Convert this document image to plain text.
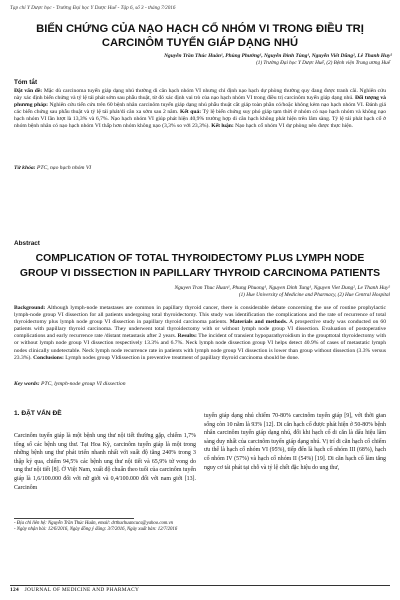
Tạp chí Y Dược học - Trường Đại học Y Dược Huế - Tập 6, số 3 - tháng 7/2016
BIẾN CHỨNG CỦA NẠO HẠCH CỔ NHÓM VI TRONG ĐIỀU TRỊ
CARCINÔM TUYẾN GIÁP DẠNG NHÚ
Nguyễn Trần Thúc Huân¹, Phùng Phướng¹, Nguyễn Đình Tùng¹, Nguyễn Viết Dũng², Lê Thanh Huy²
(1) Trường Đại học Y Dược Huế, (2) Bệnh viện Trung ương Huế
Tóm tắt
Đặt vấn đề: Mặc dù carcinoma tuyến giáp dạng nhú thường di căn hạch nhóm VI nhưng chỉ định nạo hạch dự phòng thường quy đang được tranh cãi. Nghiên cứu này xác định biến chứng và tỷ lệ tái phát sớm sau phẫu thuật, từ đó xác định vai trò của nạo hạch nhóm VI trong điều trị carcinôm tuyến giáp dạng nhú. Đối tượng và phương pháp: Nghiên cứu tiến cứu trên 60 bệnh nhân carcinôm tuyến giáp dạng nhú phẫu thuật cắt giáp toàn phần có/hoặc không kèm nạo hạch nhóm VI. Đánh giá các biến chứng sau phẫu thuật và tỷ lệ tái phát/di căn xa sớm sau 2 năm. Kết quả: Tỷ lệ biến chứng suy phó giáp tạm thời ở nhóm có nạo hạch nhóm và không nạo hạch nhóm VI lần lượt là 13,3% và 6,7%. Nạo hạch nhóm VI giúp phát hiện 40,9% trường hợp di căn hạch không phát hiện trên lâm sàng. Tỷ lệ tái phát hạch cổ ở nhóm bệnh nhân có nạo hạch nhóm VI thấp hơn nhóm không nạo (3,3% so với 23,3%). Kết luận: Nạo hạch cổ nhóm VI dự phòng nên được thực hiện.
Từ khóa: PTC, nạo hạch nhóm VI
Abstract
COMPLICATION OF TOTAL THYROIDECTOMY PLUS LYMPH NODE
GROUP VI DISSECTION IN PAPILLARY THYROID CARCINOMA PATIENTS
Nguyen Tran Thuc Huan¹, Phung Phuong¹, Nguyen Dinh Tung¹, Nguyen Viet Dung², Le Thanh Huy²
(1) Hue University of Medicine and Pharmacy, (2) Hue Central Hospital
Background: Although lymph-node metastases are common in papillary thyroid cancer, there is considerable debate concerning the use of routine prophylactic lymph-node group VI dissection for all patients undergoing total thyroidectomy. This study was identification the complications and the rate of recurrence of total thyroidectomy plus lymph node group VI dissection in papillary thyroid carcinoma patients. Materials and methods. A prospective study was conducted on 60 patients with papillary thyroid carcinoma. They underwent total thyroidectomy with or without lymph node group VI dissection. Evaluation of postoperative complications and early recurrence rate /distant metastasis after 2 years. Results: The incident of transient hypoparathyroidism in the groupttotal thyroidectomy with or without lymph node group VI dissection respectively 13.3% and 6.7%. Neck lymph node dissection group VI helps detect 40.9% of cases of metastatic lymph nodes clinically undetectable. Neck lymph node recurrence rate in patients with lymph node group VI dissection is lower than group without dissection (3.3% versus 23.3%). Conclusions: Lymph nodes group VIdissection in preventive treatment of papillary thyroid carcinoma should be done.
Key words: PTC, lymph-node group VI dissection
1. ĐẶT VẤN ĐỀ
Carcinôm tuyến giáp là một bệnh ung thư nội tiết thường gặp, chiếm 1,7% tổng số các bệnh ung thư. Tại Hoa Kỳ, carcinôm tuyến giáp là một trong những bệnh ung thư phát triển nhanh nhất với suất độ tăng 240% trong 3 thập kỷ qua, chiếm 94,5% các bệnh ung thư nội tiết và 65,9% tử vong do ung thư nội tiết [8]. Ở Việt Nam, xuất độ chuẩn theo tuổi của carcinôm tuyến giáp là 1,6/100.000 đối với nữ giới và 0,4/100.000 đối với nam giới [13]. Carcinôm
tuyến giáp dạng nhú chiếm 70-80% carcinôm tuyến giáp [9], với thời gian sống còn 10 năm là 93% [12]. Di căn hạch cổ được phát hiện ở 50-80% bệnh nhân carcinôm tuyến giáp dạng nhú, đối khi hạch cổ di căn là dấu hiệu lâm sàng duy nhất của carcinôm tuyến giáp dạng nhú. Vị trí di căn hạch cổ chiếm ưu thế là hạch cổ nhóm VI (95%), tiếp đến là hạch cổ nhóm III (68%), hạch cổ nhóm IV (57%) và hạch cổ nhóm II (54%) [19]. Di căn hạch cổ làm tăng nguy cơ tái phát tại chỗ và tỷ lệ chết đặc hiệu do ung thư,
- Địa chỉ liên hệ: Nguyễn Trần Thúc Huân, email: drthuchuancucs@yahoo.com.vn
- Ngày nhận bài: 12/6/2016, Ngày đồng ý đăng: 3/7/2016, Ngày xuất bản: 12/7/2016
124 JOURNAL OF MEDICINE AND PHARMACY
